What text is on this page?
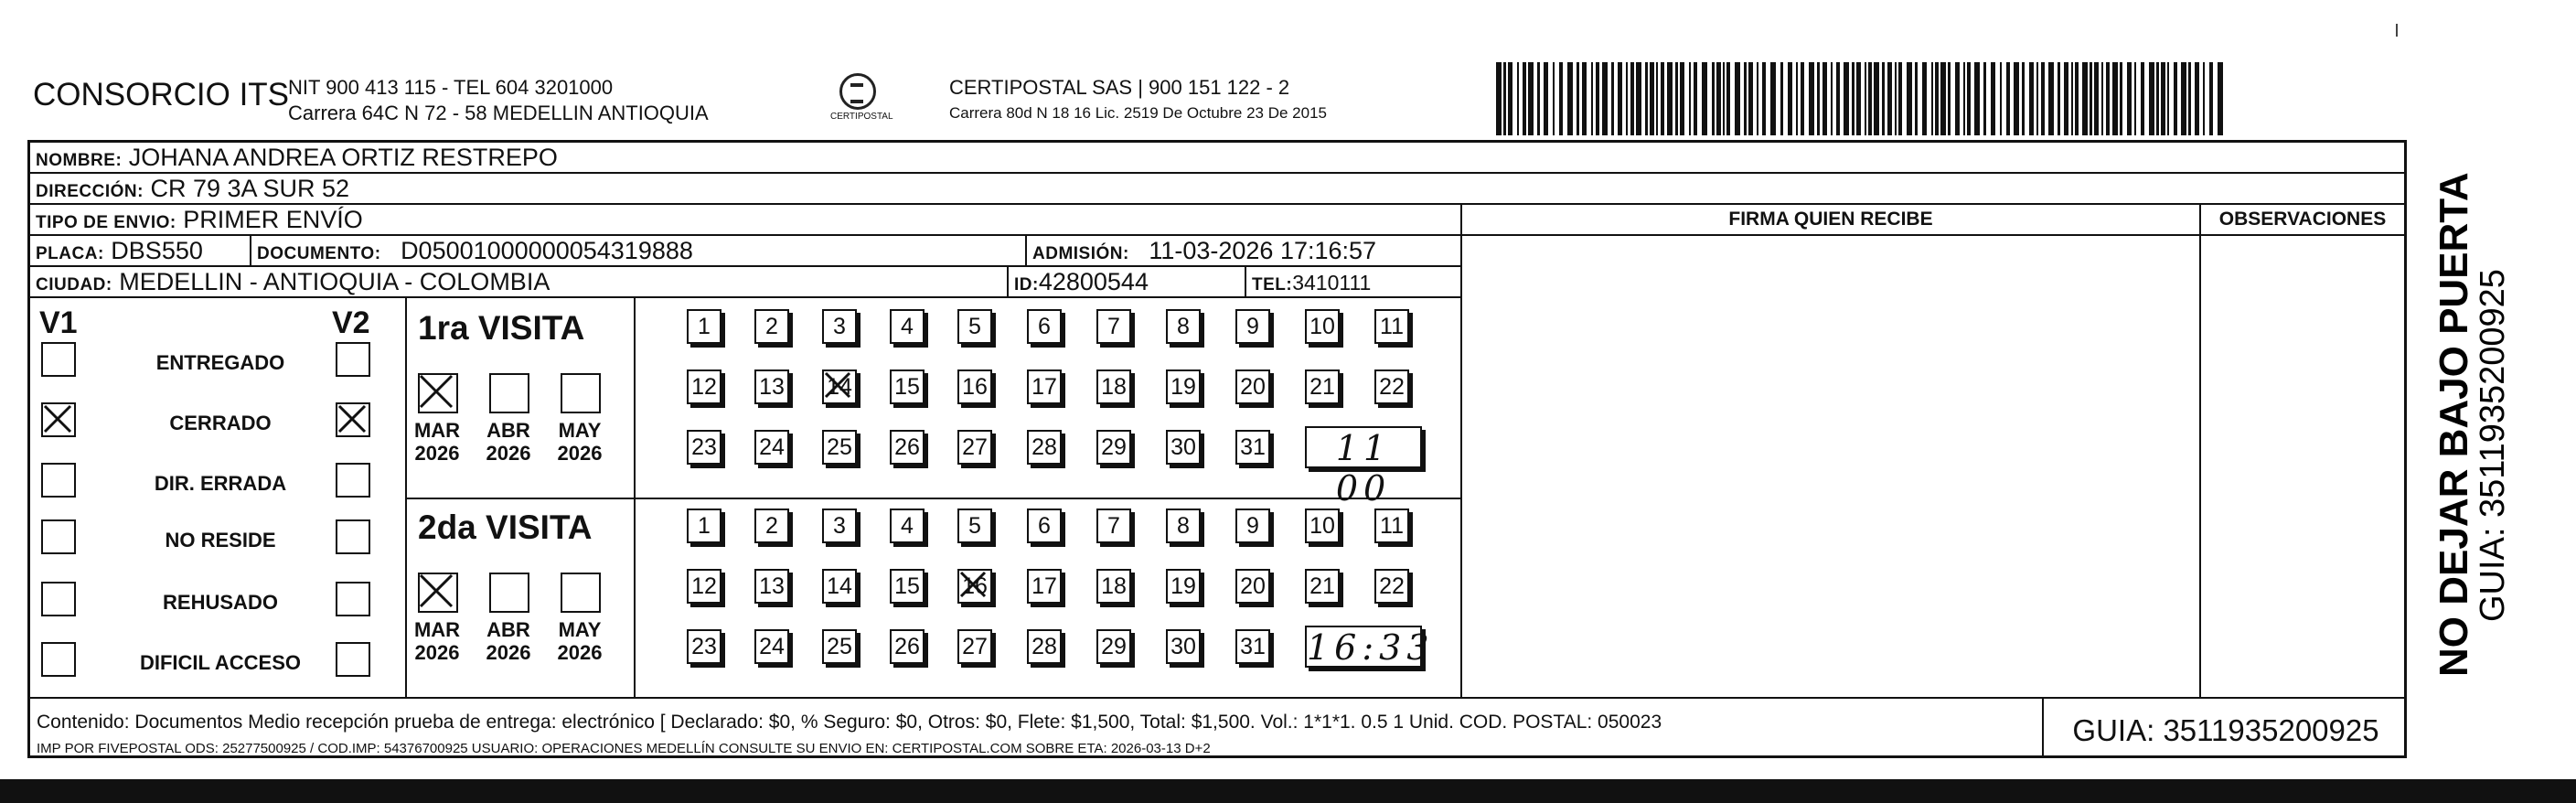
CONSORCIO ITS
NIT 900 413 115 - TEL 604 3201000
Carrera 64C N 72 - 58 MEDELLIN ANTIOQUIA	CERTIPOSTAL
CERTIPOSTAL SAS | 900 151 122 - 2
Carrera 80d N 18 16 Lic. 2519 De Octubre 23 De 2015
NOMBRE: JOHANA ANDREA ORTIZ RESTREPO
DIRECCIÓN: CR 79 3A SUR 52
TIPO DE ENVIO: PRIMER ENVÍO
PLACA: DBS550	DOCUMENTO: D05001000000054319888	ADMISIÓN: 11-03-2026 17:16:57
CIUDAD: MEDELLIN - ANTIOQUIA - COLOMBIA	ID:42800544	TEL:3410111
FIRMA QUIEN RECIBE	OBSERVACIONES
V1	V2
ENTREGADO
CERRADO
DIR. ERRADA
NO RESIDE
REHUSADO
DIFICIL ACCESO
1ra VISITA
MAR
2026
ABR
2026
MAY
2026
1	2	3	4	5	6	7	8	9	10 11
12 13 14 15 16 17 18 19 20 21 22
23 24 25 26 27 28 29 30 31	11 00
2da VISITA
MAR
2026
ABR
2026
MAY
2026
1	2	3	4	5	6	7	8	9	10 11
12 13 14 15 16 17 18 19 20 21 22
23 24 25 26 27 28 29 30 31 16:33
Contenido: Documentos Medio recepción prueba de entrega: electrónico [ Declarado: $0, % Seguro: $0, Otros: $0, Flete: $1,500, Total: $1,500. Vol.: 1*1*1. 0.5 1 Unid. COD. POSTAL: 050023
IMP POR FIVEPOSTAL ODS: 25277500925 / COD.IMP: 54376700925 USUARIO: OPERACIONES MEDELLÍN CONSULTE SU ENVIO EN: CERTIPOSTAL.COM SOBRE ETA: 2026-03-13 D+2
GUIA: 3511935200925
NO DEJAR BAJO PUERTA
GUIA: 3511935200925
